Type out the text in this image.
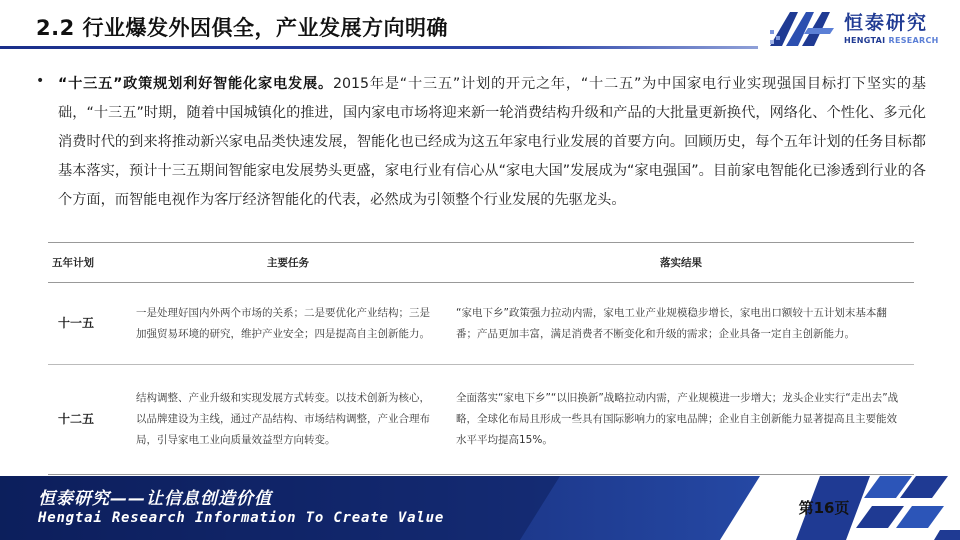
2.2 行业爆发外因俱全，产业发展方向明确	恒泰研究
HENGTAI RESEARCH
• “十三五”政策规划利好智能化家电发展。2015年是“十三五”计划的开元之年，“十二五”为中国家电行业实现强国目标打下坚实的基础，“十三五”时期，随着中国城镇化的推进，国内家电市场将迎来新一轮消费结构升级和产品的大批量更新换代，网络化、个性化、多元化消费时代的到来将推动新兴家电品类快速发展，智能化也已经成为这五年家电行业发展的首要方向。回顾历史，每个五年计划的任务目标都基本落实，预计十三五期间智能家电发展势头更盛，家电行业有信心从“家电大国”发展成为“家电强国”。目前家电智能化已渗透到行业的各个方面，而智能电视作为客厅经济智能化的代表，必然成为引领整个行业发展的先驱龙头。

五年计划	主要任务	落实结果
十一五	一是处理好国内外两个市场的关系；二是要优化产业结构；三是加强贸易环境的研究，维护产业安全；四是提高自主创新能力。	“家电下乡”政策强力拉动内需，家电工业产业规模稳步增长，家电出口额较十五计划末基本翻番；产品更加丰富，满足消费者不断变化和升级的需求；企业具备一定自主创新能力。
十二五	结构调整、产业升级和实现发展方式转变。以技术创新为核心，以品牌建设为主线，通过产品结构、市场结构调整，产业合理布局，引导家电工业向质量效益型方向转变。	全面落实“家电下乡”“以旧换新”战略拉动内需，产业规模进一步增大；龙头企业实行“走出去”战略，全球化布局且形成一些具有国际影响力的家电品牌；企业自主创新能力显著提高且主要能效水平平均提高15%。
恒泰研究——让信息创造价值
Hengtai Research Information To Create Value
第16页
